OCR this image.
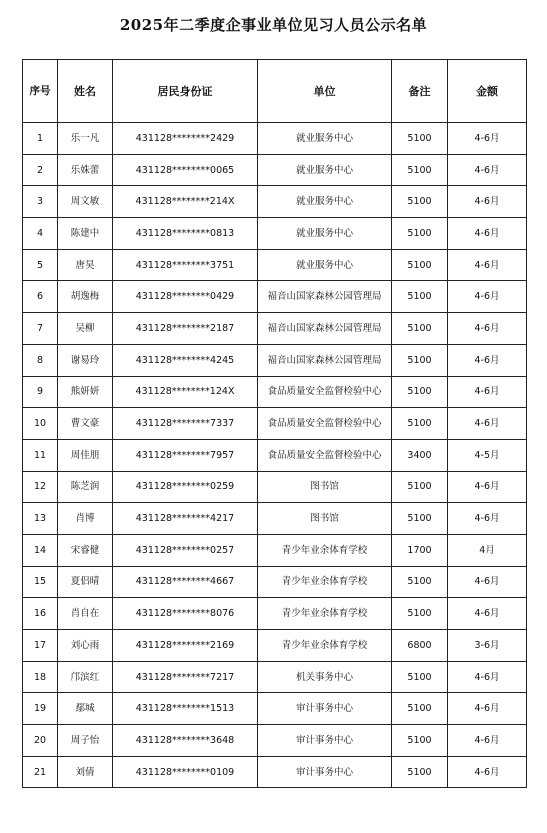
2025年二季度企事业单位见习人员公示名单
序号	姓名	居民身份证	单位	备注	金额
1	乐一凡	431128********2429	就业服务中心	5100	4-6月
2	乐姝蕾	431128********0065	就业服务中心	5100	4-6月
3	周文敏	431128********214X	就业服务中心	5100	4-6月
4	陈建中	431128********0813	就业服务中心	5100	4-6月
5	唐昊	431128********3751	就业服务中心	5100	4-6月
6	胡逸梅	431128********0429	福音山国家森林公园管理局	5100	4-6月
7	吴柳	431128********2187	福音山国家森林公园管理局	5100	4-6月
8	谢易玲	431128********4245	福音山国家森林公园管理局	5100	4-6月
9	熊妍妍	431128********124X	食品质量安全监督检验中心	5100	4-6月
10	曹文豪	431128********7337	食品质量安全监督检验中心	5100	4-6月
11	周佳朋	431128********7957	食品质量安全监督检验中心	3400	4-5月
12	陈芝润	431128********0259	图书馆	5100	4-6月
13	肖博	431128********4217	图书馆	5100	4-6月
14	宋睿健	431128********0257	青少年业余体育学校	1700	4月
15	夏侣晴	431128********4667	青少年业余体育学校	5100	4-6月
16	肖自在	431128********8076	青少年业余体育学校	5100	4-6月
17	刘心雨	431128********2169	青少年业余体育学校	6800	3-6月
18	邝滨红	431128********7217	机关事务中心	5100	4-6月
19	鄢城	431128********1513	审计事务中心	5100	4-6月
20	周子怡	431128********3648	审计事务中心	5100	4-6月
21	刘倩	431128********0109	审计事务中心	5100	4-6月
